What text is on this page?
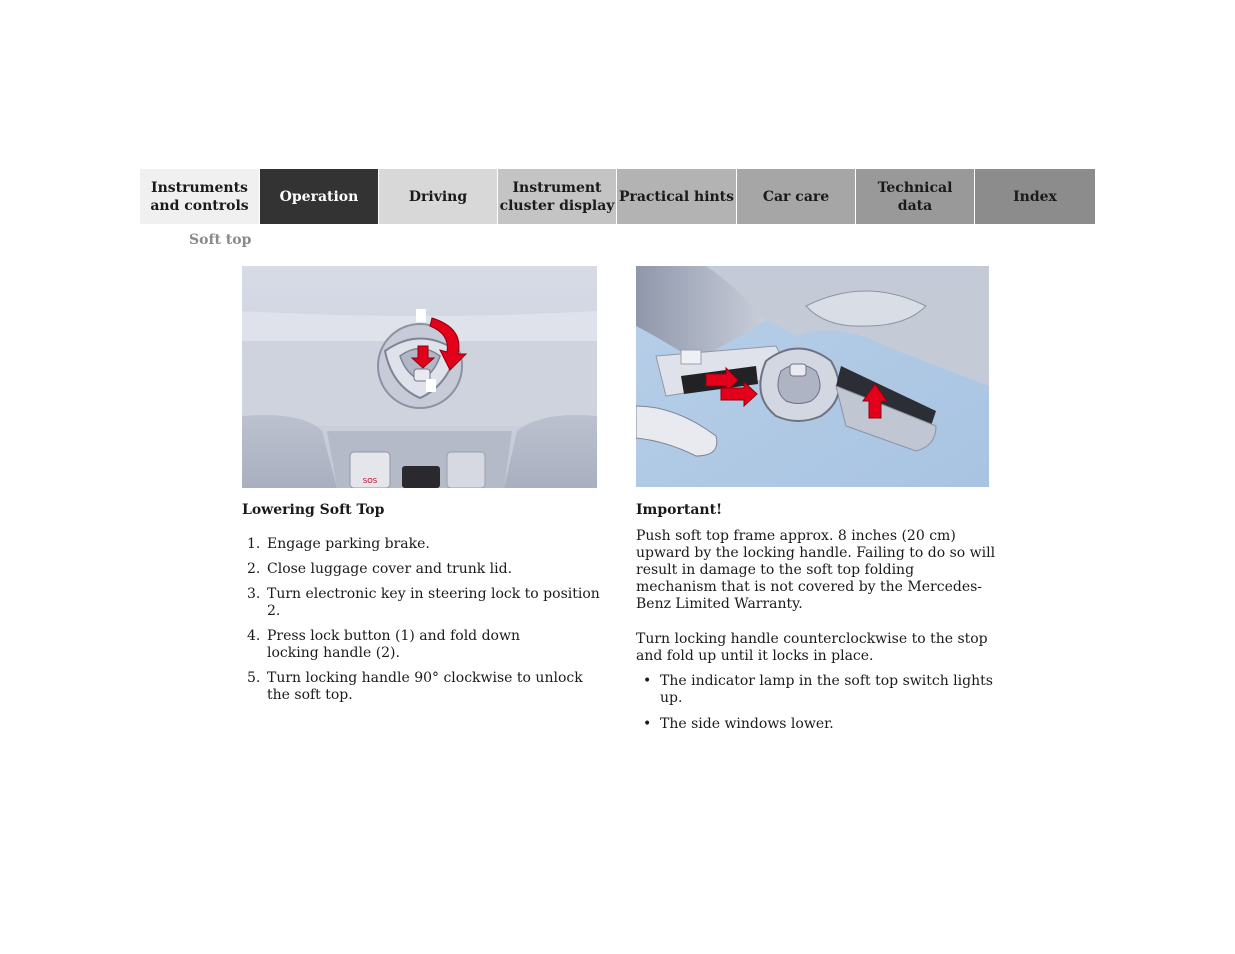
Instruments
and controls
Operation	Driving
Instrument
cluster display
Practical hints	Car care
Technical
data
Index
Soft top
SOS

Lowering Soft Top

1. Engage parking brake.
2. Close luggage cover and trunk lid.
3. Turn electronic key in steering lock to position 2.
4. Press lock button (1) and fold down locking handle (2).
5. Turn locking handle 90° clockwise to unlock the soft top.

Important!

Push soft top frame approx. 8 inches (20 cm) upward by the locking handle. Failing to do so will result in damage to the soft top folding mechanism that is not covered by the Mercedes-Benz Limited Warranty.

Turn locking handle counterclockwise to the stop and fold up until it locks in place.

• The indicator lamp in the soft top switch lights up.
• The side windows lower.
